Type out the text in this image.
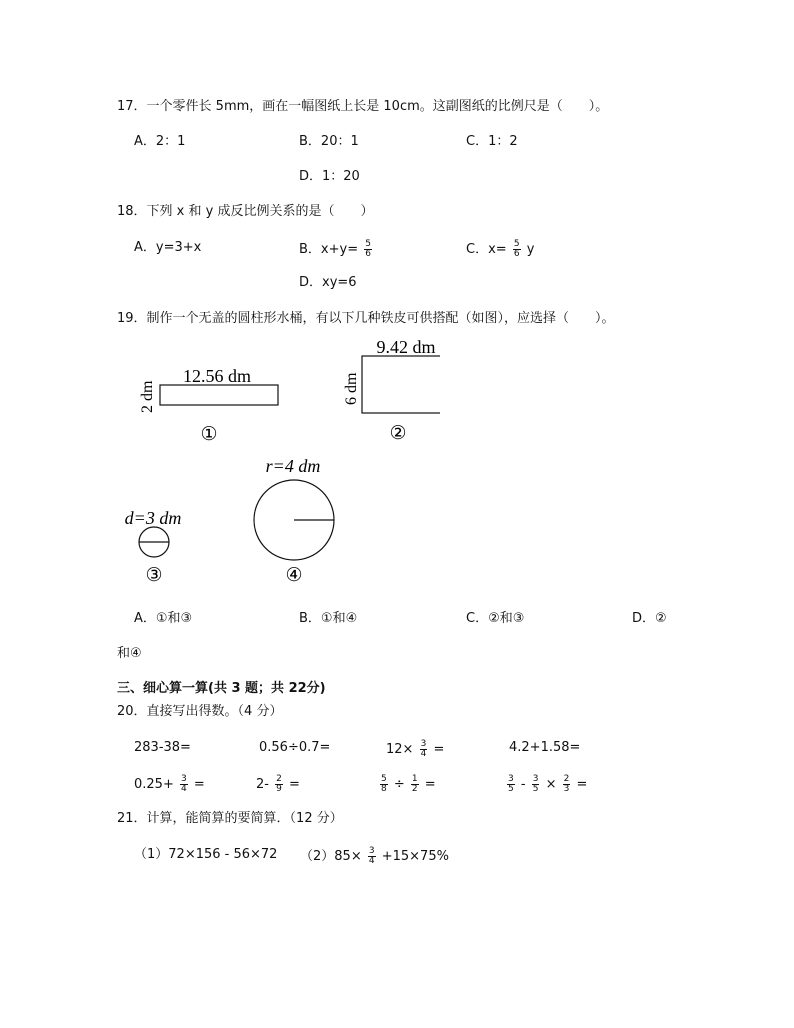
17．一个零件长 5mm，画在一幅图纸上长是 10cm。这副图纸的比例尺是（　　）。
A．2：1	B．20：1	C．1：2
D．1：20
18．下列 x 和 y 成反比例关系的是（　　）
A．y=3+x	B．$x+y= \frac{5}{6}$	C．$x= \frac{5}{6}$ y
D．xy=6
19．制作一个无盖的圆柱形水桶，有以下几种铁皮可供搭配（如图），应选择（　　）。
12.56 dm
2 dm
①
9.42 dm
6 dm
②
d=3 dm
③
r=4 dm
④
A．①和③	B．①和④	C．②和③	D．②
和④
三、细心算一算(共 3 题；共 22分)
20．直接写出得数。（4 分）
283-38=	0.56÷0.7=	$12\times \frac{3}{4}$ =	4.2+1.58=
$0.25+ \frac{3}{4}$ =	$2- \frac{2}{9}$ =	$\frac{5}{8} \div \frac{1}{2}$ =	$\frac{3}{5} - \frac{3}{5} \times \frac{2}{3}$ =
21．计算，能简算的要简算．（12 分）
（1）72×156 - 56×72 $(2)85\times \frac{3}{4} +15\times 75\%$
